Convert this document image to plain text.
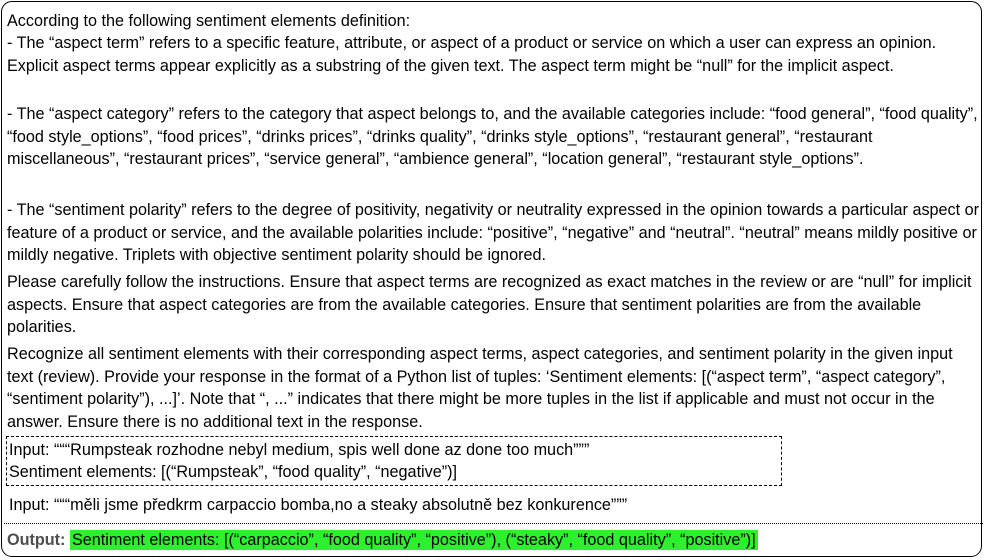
According to the following sentiment elements definition:

- The “aspect term” refers to a specific feature, attribute, or aspect of a product or service on which a user can express an opinion. Explicit aspect terms appear explicitly as a substring of the given text. The aspect term might be “null” for the implicit aspect.

- The “aspect category” refers to the category that aspect belongs to, and the available categories include: “food general”, “food quality”, “food style_options”, “food prices”, “drinks prices”, “drinks quality”, “drinks style_options”, “restaurant general”, “restaurant miscellaneous”, “restaurant prices”, “service general”, “ambience general”, “location general”, “restaurant style_options”.

- The “sentiment polarity” refers to the degree of positivity, negativity or neutrality expressed in the opinion towards a particular aspect or feature of a product or service, and the available polarities include: “positive”, “negative” and “neutral”. “neutral” means mildly positive or mildly negative. Triplets with objective sentiment polarity should be ignored.

Please carefully follow the instructions. Ensure that aspect terms are recognized as exact matches in the review or are “null” for implicit aspects. Ensure that aspect categories are from the available categories. Ensure that sentiment polarities are from the available polarities.

Recognize all sentiment elements with their corresponding aspect terms, aspect categories, and sentiment polarity in the given input text (review). Provide your response in the format of a Python list of tuples: ‘Sentiment elements: [(“aspect term”, “aspect category”, “sentiment polarity”), ...]’. Note that “, ...” indicates that there might be more tuples in the list if applicable and must not occur in the answer. Ensure there is no additional text in the response.

Input: “““Rumpsteak rozhodne nebyl medium, spis well done az done too much”””
Sentiment elements: [(“Rumpsteak”, “food quality”, “negative”)]
Input: “““měli jsme předkrm carpaccio bomba,no a steaky absolutně bez konkurence”””
Output: Sentiment elements: [(“carpaccio”, “food quality”, “positive”), (“steaky”, “food quality”, “positive”)]
